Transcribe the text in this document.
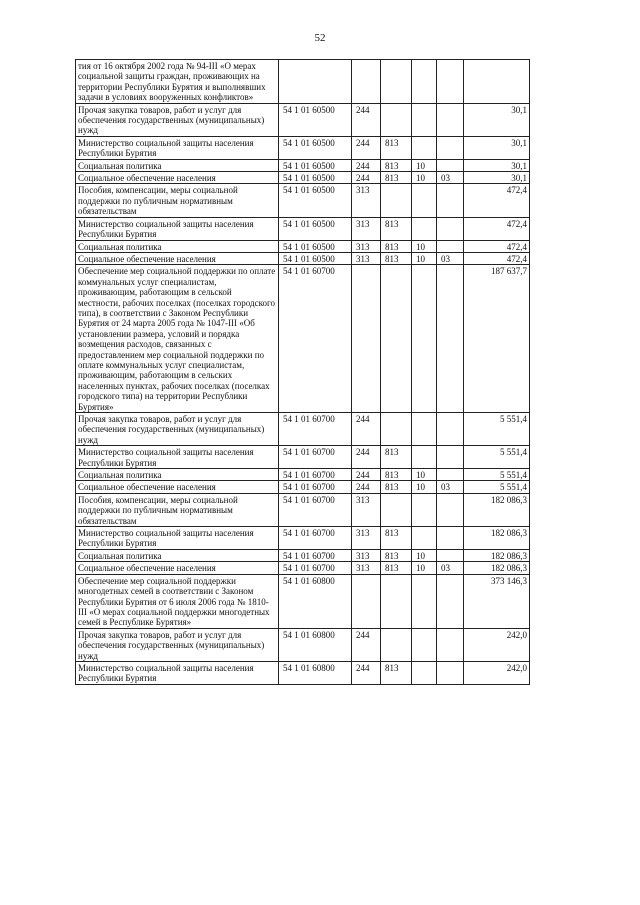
52
тия от 16 октября 2002 года № 94-III «О мерах социальной защиты граждан, проживающих на территории Республики Бурятия и выполнявших задачи в условиях вооруженных конфликтов»						
Прочая закупка товаров, работ и услуг для обеспечения государственных (муниципальных) нужд	54 1 01 60500	244				30,1
Министерство социальной защиты населения Республики Бурятия	54 1 01 60500	244	813			30,1
Социальная политика	54 1 01 60500	244	813	10		30,1
Социальное обеспечение населения	54 1 01 60500	244	813	10	03	30,1
Пособия, компенсации, меры социальной поддержки по публичным нормативным обязательствам	54 1 01 60500	313				472,4
Министерство социальной защиты населения Республики Бурятия	54 1 01 60500	313	813			472,4
Социальная политика	54 1 01 60500	313	813	10		472,4
Социальное обеспечение населения	54 1 01 60500	313	813	10	03	472,4
Обеспечение мер социальной поддержки по оплате коммунальных услуг специалистам, проживающим, работающим в сельской местности, рабочих поселках (поселках городского типа), в соответствии с Законом Республики Бурятия от 24 марта 2005 года № 1047-III «Об установлении размера, условий и порядка возмещения расходов, связанных с предоставлением мер социальной поддержки по оплате коммунальных услуг специалистам, проживающим, работающим в сельских населенных пунктах, рабочих поселках (поселках городского типа) на территории Республики Бурятия»	54 1 01 60700					187 637,7
Прочая закупка товаров, работ и услуг для обеспечения государственных (муниципальных) нужд	54 1 01 60700	244				5 551,4
Министерство социальной защиты населения Республики Бурятия	54 1 01 60700	244	813			5 551,4
Социальная политика	54 1 01 60700	244	813	10		5 551,4
Социальное обеспечение населения	54 1 01 60700	244	813	10	03	5 551,4
Пособия, компенсации, меры социальной поддержки по публичным нормативным обязательствам	54 1 01 60700	313				182 086,3
Министерство социальной защиты населения Республики Бурятия	54 1 01 60700	313	813			182 086,3
Социальная политика	54 1 01 60700	313	813	10		182 086,3
Социальное обеспечение населения	54 1 01 60700	313	813	10	03	182 086,3
Обеспечение мер социальной поддержки многодетных семей в соответствии с Законом Республики Бурятия от 6 июля 2006 года № 1810-III «О мерах социальной поддержки многодетных семей в Республике Бурятия»	54 1 01 60800					373 146,3
Прочая закупка товаров, работ и услуг для обеспечения государственных (муниципальных) нужд	54 1 01 60800	244				242,0
Министерство социальной защиты населения Республики Бурятия	54 1 01 60800	244	813			242,0
